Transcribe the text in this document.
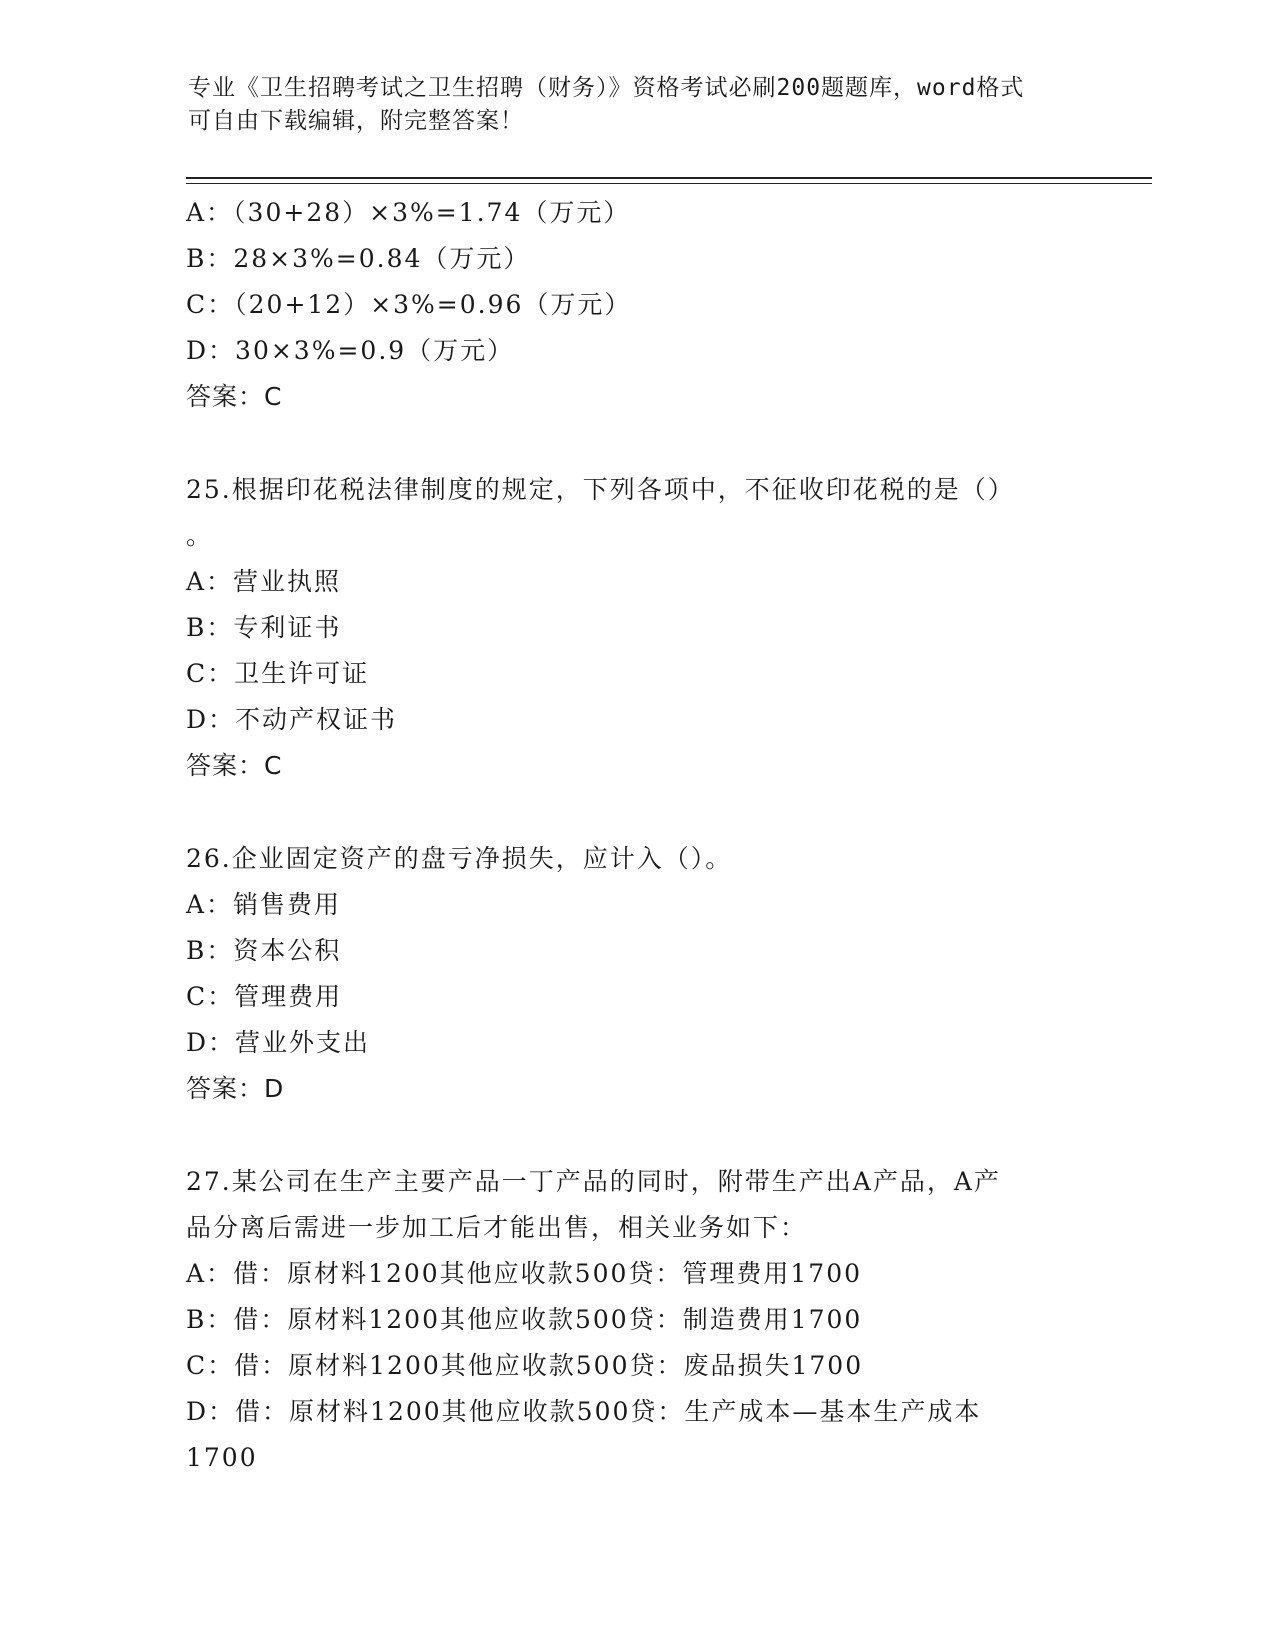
专业《卫生招聘考试之卫生招聘（财务）》资格考试必刷200题题库，word格式
可自由下载编辑，附完整答案！
A：（30+28）×3%=1.74（万元）
B：28×3%=0.84（万元）
C：（20+12）×3%=0.96（万元）
D：30×3%=0.9（万元）
答案：C
25.根据印花税法律制度的规定，下列各项中，不征收印花税的是（）
。
A：营业执照
B：专利证书
C：卫生许可证
D：不动产权证书
答案：C
26.企业固定资产的盘亏净损失，应计入（）。
A：销售费用
B：资本公积
C：管理费用
D：营业外支出
答案：D
27.某公司在生产主要产品一丁产品的同时，附带生产出A产品，A产
品分离后需进一步加工后才能出售，相关业务如下：
A：借：原材料1200其他应收款500贷：管理费用1700
B：借：原材料1200其他应收款500贷：制造费用1700
C：借：原材料1200其他应收款500贷：废品损失1700
D：借：原材料1200其他应收款500贷：生产成本—基本生产成本
1700
